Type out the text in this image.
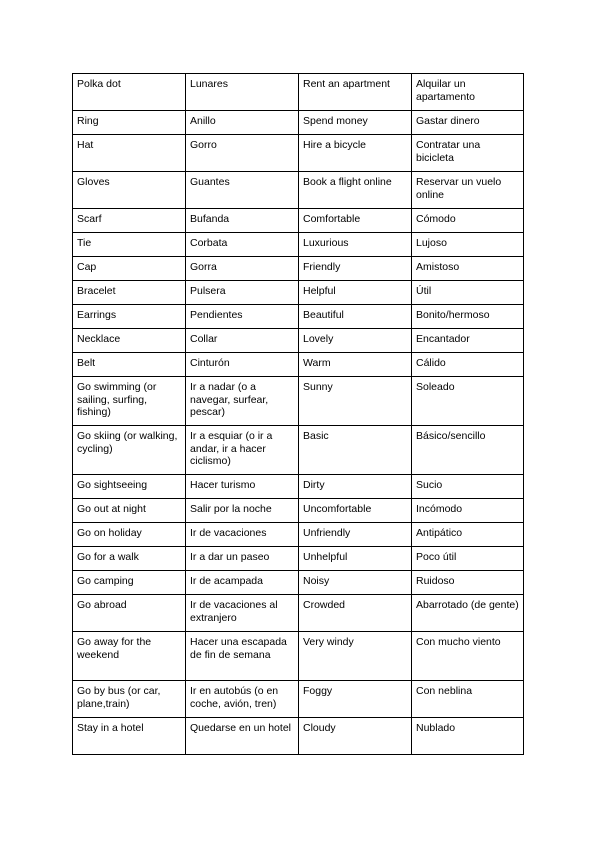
Polka dot	Lunares	Rent an apartment	Alquilar un apartamento
Ring	Anillo	Spend money	Gastar dinero
Hat	Gorro	Hire a bicycle	Contratar una bicicleta
Gloves	Guantes	Book a flight online	Reservar un vuelo online
Scarf	Bufanda	Comfortable	Cómodo
Tie	Corbata	Luxurious	Lujoso
Cap	Gorra	Friendly	Amistoso
Bracelet	Pulsera	Helpful	Útil
Earrings	Pendientes	Beautiful	Bonito/hermoso
Necklace	Collar	Lovely	Encantador
Belt	Cinturón	Warm	Cálido
Go swimming (or sailing, surfing, fishing)	Ir a nadar (o a navegar, surfear, pescar)	Sunny	Soleado
Go skiing (or walking, cycling)	Ir a esquiar (o ir a andar, ir a hacer ciclismo)	Basic	Básico/sencillo
Go sightseeing	Hacer turismo	Dirty	Sucio
Go out at night	Salir por la noche	Uncomfortable	Incómodo
Go on holiday	Ir de vacaciones	Unfriendly	Antipático
Go for a walk	Ir a dar un paseo	Unhelpful	Poco útil
Go camping	Ir de acampada	Noisy	Ruidoso
Go abroad	Ir de vacaciones al extranjero	Crowded	Abarrotado (de gente)
Go away for the weekend	Hacer una escapada de fin de semana	Very windy	Con mucho viento
Go by bus (or car, plane,train)	Ir en autobús (o en coche, avión, tren)	Foggy	Con neblina
Stay in a hotel	Quedarse en un hotel	Cloudy	Nublado
